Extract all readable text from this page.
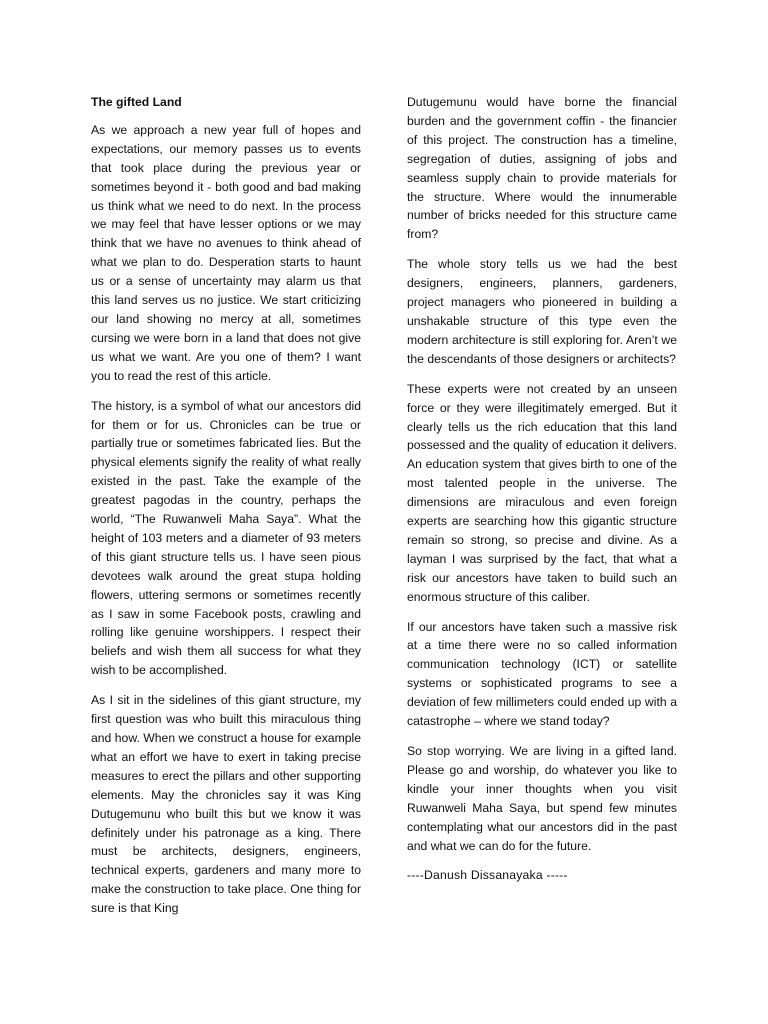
The gifted Land

As we approach a new year full of hopes and expectations, our memory passes us to events that took place during the previous year or sometimes beyond it - both good and bad making us think what we need to do next. In the process we may feel that have lesser options or we may think that we have no avenues to think ahead of what we plan to do. Desperation starts to haunt us or a sense of uncertainty may alarm us that this land serves us no justice. We start criticizing our land showing no mercy at all, sometimes cursing we were born in a land that does not give us what we want. Are you one of them? I want you to read the rest of this article.

The history, is a symbol of what our ancestors did for them or for us. Chronicles can be true or partially true or sometimes fabricated lies. But the physical elements signify the reality of what really existed in the past. Take the example of the greatest pagodas in the country, perhaps the world, “The Ruwanweli Maha Saya”. What the height of 103 meters and a diameter of 93 meters of this giant structure tells us. I have seen pious devotees walk around the great stupa holding flowers, uttering sermons or sometimes recently as I saw in some Facebook posts, crawling and rolling like genuine worshippers. I respect their beliefs and wish them all success for what they wish to be accomplished.

As I sit in the sidelines of this giant structure, my first question was who built this miraculous thing and how. When we construct a house for example what an effort we have to exert in taking precise measures to erect the pillars and other supporting elements. May the chronicles say it was King Dutugemunu who built this but we know it was definitely under his patronage as a king. There must be architects, designers, engineers, technical experts, gardeners and many more to make the construction to take place. One thing for sure is that King

Dutugemunu would have borne the financial burden and the government coffin - the financier of this project. The construction has a timeline, segregation of duties, assigning of jobs and seamless supply chain to provide materials for the structure. Where would the innumerable number of bricks needed for this structure came from?

The whole story tells us we had the best designers, engineers, planners, gardeners, project managers who pioneered in building a unshakable structure of this type even the modern architecture is still exploring for. Aren’t we the descendants of those designers or architects?

These experts were not created by an unseen force or they were illegitimately emerged. But it clearly tells us the rich education that this land possessed and the quality of education it delivers. An education system that gives birth to one of the most talented people in the universe. The dimensions are miraculous and even foreign experts are searching how this gigantic structure remain so strong, so precise and divine. As a layman I was surprised by the fact, that what a risk our ancestors have taken to build such an enormous structure of this caliber.

If our ancestors have taken such a massive risk at a time there were no so called information communication technology (ICT) or satellite systems or sophisticated programs to see a deviation of few millimeters could ended up with a catastrophe – where we stand today?

So stop worrying. We are living in a gifted land. Please go and worship, do whatever you like to kindle your inner thoughts when you visit Ruwanweli Maha Saya, but spend few minutes contemplating what our ancestors did in the past and what we can do for the future.

----Danush Dissanayaka -----
